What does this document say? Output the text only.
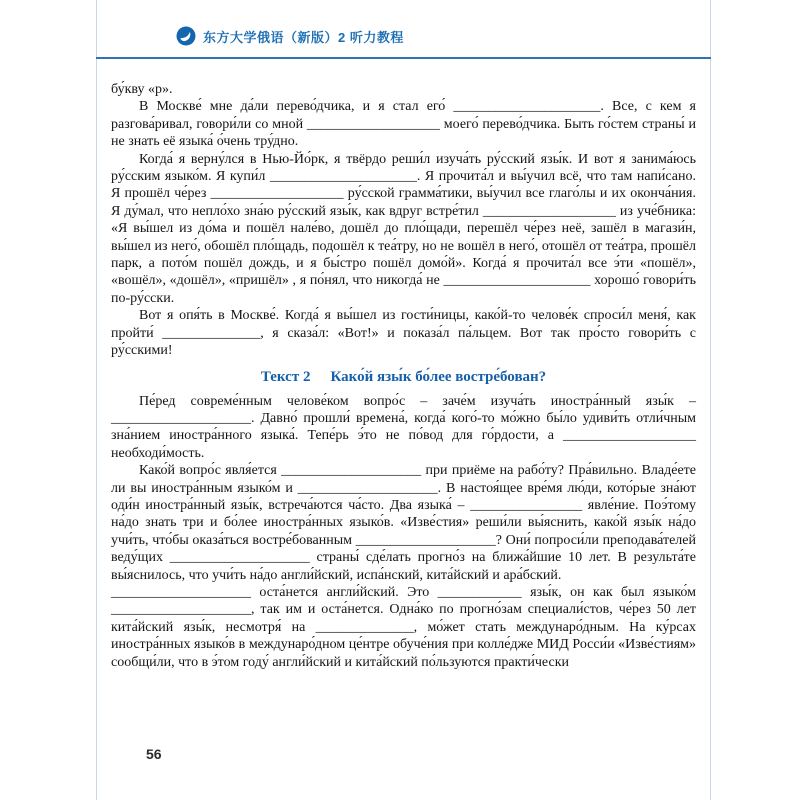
东方大学俄语（新版）2 听力教程

бу́кву «р».

В Москве́ мне да́ли перево́дчика, и я стал его́ _____________________. Все, с кем я разгова́ривал, говори́ли со мной ___________________ моего́ перево́дчика. Быть го́стем страны́ и не знать её языка́ о́чень тру́дно.

Когда́ я верну́лся в Нью-Йо́рк, я твёрдо реши́л изуча́ть ру́сский язы́к. И вот я занима́юсь ру́сским языко́м. Я купи́л _____________________. Я прочита́л и вы́учил всё, что там напи́сано. Я прошёл че́рез ___________________ ру́сской грамма́тики, вы́учил все глаго́лы и их оконча́ния. Я ду́мал, что непло́хо зна́ю ру́сский язы́к, как вдруг встре́тил ___________________ из уче́бника: «Я вы́шел из до́ма и пошёл нале́во, дошёл до пло́щади, перешёл че́рез неё, зашёл в магази́н, вы́шел из него́, обошёл пло́щадь, подошёл к теа́тру, но не вошёл в него́, отошёл от теа́тра, прошёл парк, а пото́м пошёл дождь, и я бы́стро пошёл домо́й». Когда́ я прочита́л все э́ти «пошёл», «вошёл», «дошёл», «пришёл» , я по́нял, что никогда́ не _____________________ хорошо́ говори́ть по-ру́сски.

Вот я опя́ть в Москве́. Когда́ я вы́шел из гости́ницы, како́й-то челове́к спроси́л меня́, как пройти́ ______________, я сказа́л: «Вот!» и показа́л па́льцем. Вот так про́сто говори́ть с ру́сскими!

Текст 2 Како́й язы́к бо́лее востре́бован?

Пе́ред совреме́нным челове́ком вопро́с – заче́м изуча́ть иностра́нный язы́к – ____________________. Давно́ прошли́ времена́, когда́ кого́-то мо́жно бы́ло удиви́ть отли́чным зна́нием иностра́нного языка́. Тепе́рь э́то не по́вод для го́рдости, а ___________________ необходи́мость.

Како́й вопро́с явля́ется ____________________ при приёме на рабо́ту? Пра́вильно. Владе́ете ли вы иностра́нным языко́м и ____________________. В настоя́щее вре́мя лю́ди, кото́рые зна́ют оди́н иностра́нный язы́к, встреча́ются ча́сто. Два языка́ – ________________ явле́ние. Поэ́тому на́до знать три и бо́лее иностра́нных языко́в. «Изве́стия» реши́ли вы́яснить, како́й язы́к на́до учи́ть, что́бы оказа́ться востре́бованным ____________________? Они́ попроси́ли преподава́телей веду́щих ____________________ страны́ сде́лать прогно́з на ближа́йшие 10 лет. В результа́те вы́яснилось, что учи́ть на́до англи́йский, испа́нский, кита́йский и ара́бский.

____________________ оста́нется англи́йский. Это ____________ язы́к, он как был языко́м ____________________, так им и оста́нется. Одна́ко по прогно́зам специали́стов, че́рез 50 лет кита́йский язы́к, несмотря́ на ______________, мо́жет стать междунаро́дным. На ку́рсах иностра́нных языко́в в междунаро́дном це́нтре обуче́ния при колле́дже МИД Росси́и «Изве́стиям» сообщи́ли, что в э́том году́ англи́йский и кита́йский по́льзуются практи́чески

56
